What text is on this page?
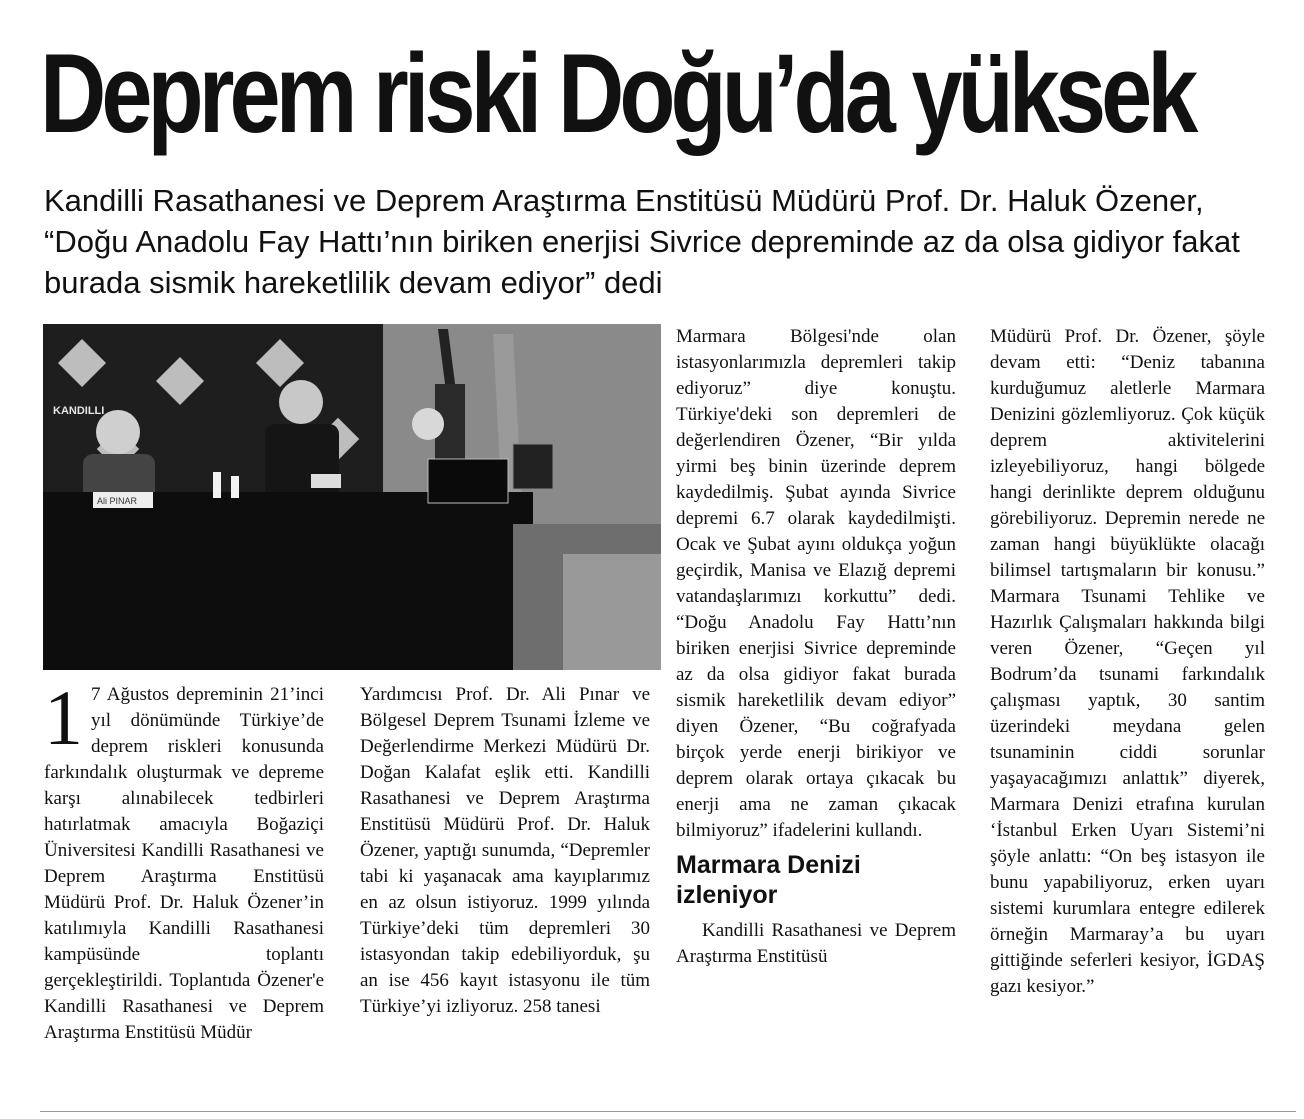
Deprem riski Doğu’da yüksek
Kandilli Rasathanesi ve Deprem Araştırma Enstitüsü Müdürü Prof. Dr. Haluk Özener, “Doğu Anadolu Fay Hattı’nın biriken enerjisi Sivrice depreminde az da olsa gidiyor fakat burada sismik hareketlilik devam ediyor” dedi
KANDILLI
Ali PINAR
1 7 Ağustos depreminin 21’inci yıl dönümünde Türkiye’de deprem riskleri konusunda farkındalık oluşturmak ve depreme karşı alınabilecek tedbirleri hatırlatmak amacıyla Boğaziçi Üniversitesi Kandilli Rasathanesi ve Deprem Araştırma Enstitüsü Müdürü Prof. Dr. Haluk Özener’in katılımıyla Kandilli Rasathanesi kampüsünde toplantı gerçekleştirildi. Toplantıda Özener'e Kandilli Rasathanesi ve Deprem Araştırma Enstitüsü Müdür

Yardımcısı Prof. Dr. Ali Pınar ve Bölgesel Deprem Tsunami İzleme ve Değerlendirme Merkezi Müdürü Dr. Doğan Kalafat eşlik etti. Kandilli Rasathanesi ve Deprem Araştırma Enstitüsü Müdürü Prof. Dr. Haluk Özener, yaptığı sunumda, “Depremler tabi ki yaşanacak ama kayıplarımız en az olsun istiyoruz. 1999 yılında Türkiye’deki tüm depremleri 30 istasyondan takip edebiliyorduk, şu an ise 456 kayıt istasyonu ile tüm Türkiye’yi izliyoruz. 258 tanesi

Marmara Bölgesi'nde olan istasyonlarımızla depremleri takip ediyoruz” diye konuştu. Türkiye'deki son depremleri de değerlendiren Özener, “Bir yılda yirmi beş binin üzerinde deprem kaydedilmiş. Şubat ayında Sivrice depremi 6.7 olarak kaydedilmişti. Ocak ve Şubat ayını oldukça yoğun geçirdik, Manisa ve Elazığ depremi vatandaşlarımızı korkuttu” dedi. “Doğu Anadolu Fay Hattı’nın biriken enerjisi Sivrice depreminde az da olsa gidiyor fakat burada sismik hareketlilik devam ediyor” diyen Özener, “Bu coğrafyada birçok yerde enerji birikiyor ve deprem olarak ortaya çıkacak bu enerji ama ne zaman çıkacak bilmiyoruz” ifadelerini kullandı.

Marmara Denizi izleniyor

Kandilli Rasathanesi ve Deprem Araştırma Enstitüsü

Müdürü Prof. Dr. Özener, şöyle devam etti: “Deniz tabanına kurduğumuz aletlerle Marmara Denizini gözlemliyoruz. Çok küçük deprem aktivitelerini izleyebiliyoruz, hangi bölgede hangi derinlikte deprem olduğunu görebiliyoruz. Depremin nerede ne zaman hangi büyüklükte olacağı bilimsel tartışmaların bir konusu.” Marmara Tsunami Tehlike ve Hazırlık Çalışmaları hakkında bilgi veren Özener, “Geçen yıl Bodrum’da tsunami farkındalık çalışması yaptık, 30 santim üzerindeki meydana gelen tsunaminin ciddi sorunlar yaşayacağımızı anlattık” diyerek, Marmara Denizi etrafına kurulan ‘İstanbul Erken Uyarı Sistemi’ni şöyle anlattı: “On beş istasyon ile bunu yapabiliyoruz, erken uyarı sistemi kurumlara entegre edilerek örneğin Marmaray’a bu uyarı gittiğinde seferleri kesiyor, İGDAŞ gazı kesiyor.”
